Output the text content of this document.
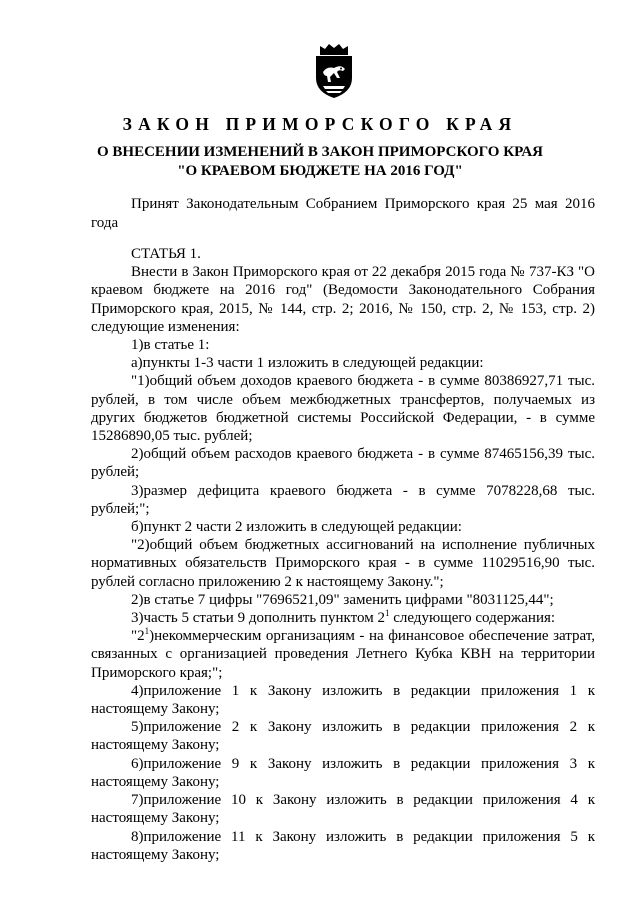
ЗАКОН ПРИМОРСКОГО КРАЯ
О ВНЕСЕНИИ ИЗМЕНЕНИЙ В ЗАКОН ПРИМОРСКОГО КРАЯ
"О КРАЕВОМ БЮДЖЕТЕ НА 2016 ГОД"
Принят Законодательным Собранием Приморского края 25 мая 2016 года

СТАТЬЯ 1.

Внести в Закон Приморского края от 22 декабря 2015 года № 737-КЗ "О краевом бюджете на 2016 год" (Ведомости Законодательного Собрания Приморского края, 2015, № 144, стр. 2; 2016, № 150, стр. 2, № 153, стр. 2) следующие изменения:

1)в статье 1:

а)пункты 1-3 части 1 изложить в следующей редакции:

"1)общий объем доходов краевого бюджета - в сумме 80386927,71 тыс. рублей, в том числе объем межбюджетных трансфертов, получаемых из других бюджетов бюджетной системы Российской Федерации, - в сумме 15286890,05 тыс. рублей;

2)общий объем расходов краевого бюджета - в сумме 87465156,39 тыс. рублей;

3)размер дефицита краевого бюджета - в сумме 7078228,68 тыс. рублей;";

б)пункт 2 части 2 изложить в следующей редакции:

"2)общий объем бюджетных ассигнований на исполнение публичных нормативных обязательств Приморского края - в сумме 11029516,90 тыс. рублей согласно приложению 2 к настоящему Закону.";

2)в статье 7 цифры "7696521,09" заменить цифрами "8031125,44";

3)часть 5 статьи 9 дополнить пунктом $2^1$ следующего содержания:

"$2^1)некоммерческим$ организациям - на финансовое обеспечение затрат, связанных с организацией проведения Летнего Кубка КВН на территории Приморского края;";

4)приложение 1 к Закону изложить в редакции приложения 1 к настоящему Закону;

5)приложение 2 к Закону изложить в редакции приложения 2 к настоящему Закону;

6)приложение 9 к Закону изложить в редакции приложения 3 к настоящему Закону;

7)приложение 10 к Закону изложить в редакции приложения 4 к настоящему Закону;

8)приложение 11 к Закону изложить в редакции приложения 5 к настоящему Закону;
